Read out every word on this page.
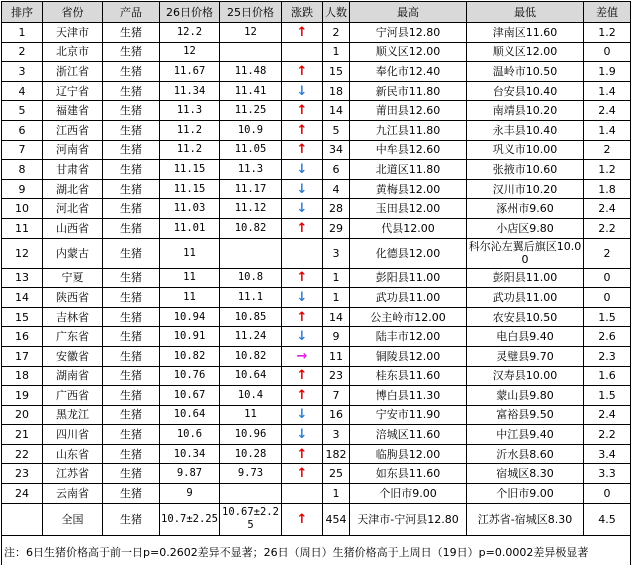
排序	省份	产品	26日价格	25日价格	涨跌	人数	最高	最低	差值
1	天津市	生猪	12.2	12	↑	2	宁河县12.80	津南区11.60	1.2
2	北京市	生猪	12			1	顺义区12.00	顺义区12.00	0
3	浙江省	生猪	11.67	11.48	↑	15	奉化市12.40	温岭市10.50	1.9
4	辽宁省	生猪	11.34	11.41	↓	18	新民市11.80	台安县10.40	1.4
5	福建省	生猪	11.3	11.25	↑	14	莆田县12.60	南靖县10.20	2.4
6	江西省	生猪	11.2	10.9	↑	5	九江县11.80	永丰县10.40	1.4
7	河南省	生猪	11.2	11.05	↑	34	中牟县12.60	巩义市10.00	2
8	甘肃省	生猪	11.15	11.3	↓	6	北道区11.80	张掖市10.60	1.2
9	湖北省	生猪	11.15	11.17	↓	4	黄梅县12.00	汉川市10.20	1.8
10	河北省	生猪	11.03	11.12	↓	28	玉田县12.00	涿州市9.60	2.4
11	山西省	生猪	11.01	10.82	↑	29	代县12.00	小店区9.80	2.2
12	内蒙古	生猪	11			3	化德县12.00	科尔沁左翼后旗区10.00	2
13	宁夏	生猪	11	10.8	↑	1	彭阳县11.00	彭阳县11.00	0
14	陕西省	生猪	11	11.1	↓	1	武功县11.00	武功县11.00	0
15	吉林省	生猪	10.94	10.85	↑	14	公主岭市12.00	农安县10.50	1.5
16	广东省	生猪	10.91	11.24	↓	9	陆丰市12.00	电白县9.40	2.6
17	安徽省	生猪	10.82	10.82	→	11	铜陵县12.00	灵璧县9.70	2.3
18	湖南省	生猪	10.76	10.64	↑	23	桂东县11.60	汉寿县10.00	1.6
19	广西省	生猪	10.67	10.4	↑	7	博白县11.30	蒙山县9.80	1.5
20	黑龙江	生猪	10.64	11	↓	16	宁安市11.90	富裕县9.50	2.4
21	四川省	生猪	10.6	10.96	↓	3	涪城区11.60	中江县9.40	2.2
22	山东省	生猪	10.34	10.28	↑	182	临朐县12.00	沂水县8.60	3.4
23	江苏省	生猪	9.87	9.73	↑	25	如东县11.60	宿城区8.30	3.3
24	云南省	生猪	9			1	个旧市9.00	个旧市9.00	0
	全国	生猪	10.7±2.25	10.67±2.25	↑	454	天津市-宁河县12.80	江苏省-宿城区8.30	4.5
注：6日生猪价格高于前一日p=0.2602差异不显著；26日（周日）生猪价格高于上周日（19日）p=0.0002差异极显著									
